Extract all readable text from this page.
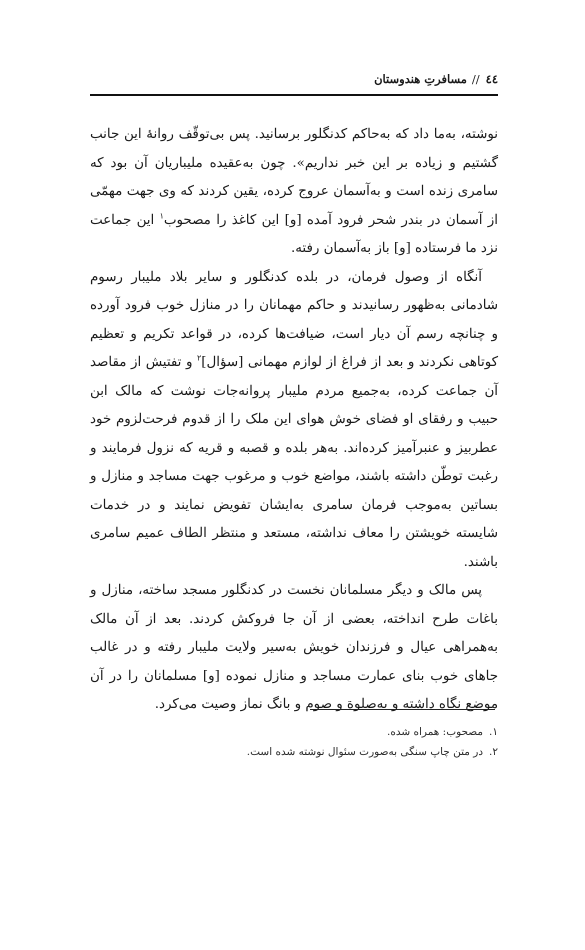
٤٤
//
مسافرتِ هندوستان

نوشته، به‌ما داد که به‌حاکم کدنگلور برسانید. پس بی‌توقّف روانهٔ این جانب گشتیم و زیاده بر این خبر نداریم». چون به‌عقیده ملیباریان آن بود که سامری زنده است و به‌آسمان عروج کرده، یقین کردند که وی جهت مهمّی از آسمان در بندر شحر فرود آمده [و] این کاغذ را مصحوب$^۱$ این جماعت نزد ما فرستاده [و] باز به‌آسمان رفته.

آنگاه از وصول فرمان، در بلده کدنگلور و سایر بلاد ملیبار رسوم شادمانی به‌ظهور رسانیدند و حاکم مهمانان را در منازل خوب فرود آورده و چنانچه رسم آن دیار است، ضیافت‌ها کرده، در قواعد تکریم و تعظیم کوتاهی نکردند و بعد از فراغ از لوازم مهمانی [سؤال]$^۲$ و تفتیش از مقاصد آن جماعت کرده، به‌جمیع مردم ملیبار پروانه‌جات نوشت که مالک ابن حبیب و رفقای او فضای خوش هوای این ملک را از قدوم فرحت‌لزوم خود عطربیز و عنبرآمیز کرده‌اند. به‌هر بلده و قصبه و قریه که نزول فرمایند و رغبت توطّن داشته باشند، مواضع خوب و مرغوب جهت مساجد و منازل و بساتین به‌موجب فرمان سامری به‌ایشان تفویض نمایند و در خدمات شایسته خویشتن را معاف نداشته، مستعد و منتظر الطاف عمیم سامری باشند.

پس مالک و دیگر مسلمانان نخست در کدنگلور مسجد ساخته، منازل و باغات طرح انداخته، بعضی از آن جا فروکش کردند. بعد از آن مالک به‌همراهی عیال و فرزندان خویش به‌سیر ولایت ملیبار رفته و در غالب جاهای خوب بنای عمارت مساجد و منازل نموده [و] مسلمانان را در آن موضع نگاه داشته و به‌صلوة و صوم و بانگ نماز وصیت می‌کرد.

۱.
مصحوب: همراه شده.
۲.
در متن چاپ سنگی به‌صورت سئوال نوشته شده است.
